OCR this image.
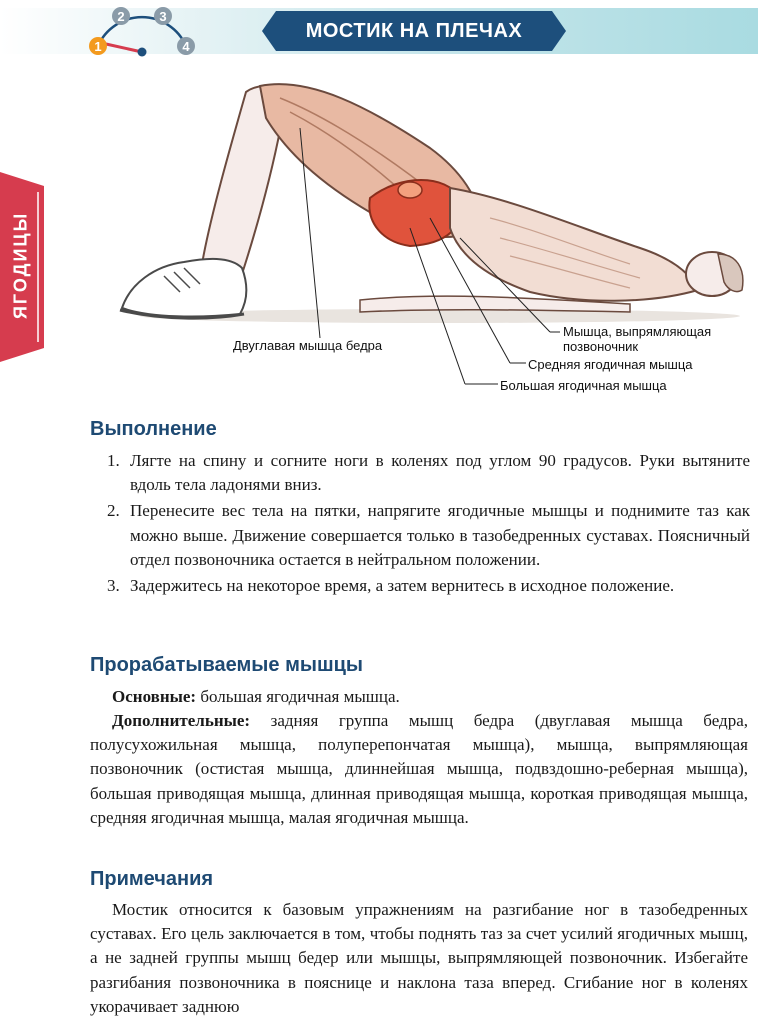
МОСТИК НА ПЛЕЧАХ
1
2	3
4
ЯГОДИЦЫ
Двуглавая мышца бедра
Мышца, выпрямляющая позвоночник
Средняя ягодичная мышца
Большая ягодичная мышца
Выполнение
1. Лягте на спину и согните ноги в коленях под углом 90 градусов. Руки вытяните вдоль тела ладонями вниз.
2. Перенесите вес тела на пятки, напрягите ягодичные мышцы и поднимите таз как можно выше. Движение совершается только в тазобедренных суставах. Поясничный отдел позвоночника остается в нейтральном положении.
3. Задержитесь на некоторое время, а затем вернитесь в исходное положение.
Прорабатываемые мышцы

Основные: большая ягодичная мышца.

Дополнительные: задняя группа мышц бедра (двуглавая мышца бедра, полусухожильная мышца, полуперепончатая мышца), мышца, выпрямляющая позвоночник (остистая мышца, длиннейшая мышца, подвздошно-реберная мышца), большая приводящая мышца, длинная приводящая мышца, короткая приводящая мышца, средняя ягодичная мышца, малая ягодичная мышца.

Примечания

Мостик относится к базовым упражнениям на разгибание ног в тазобедренных суставах. Его цель заключается в том, чтобы поднять таз за счет усилий ягодичных мышц, а не задней группы мышц бедер или мышцы, выпрямляющей позвоночник. Избегайте разгибания позвоночника в пояснице и наклона таза вперед. Сгибание ног в коленях укорачивает заднюю
